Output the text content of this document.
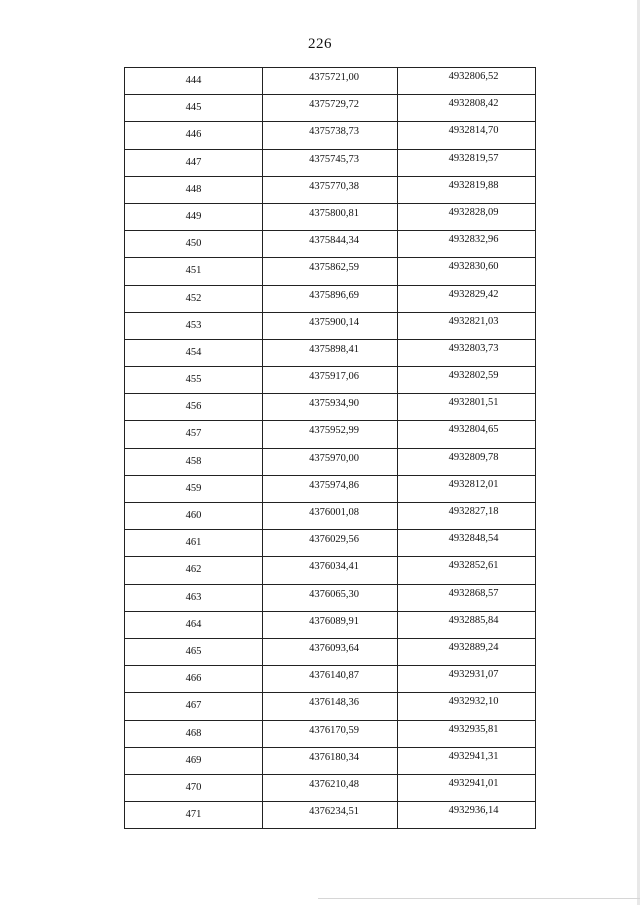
226
444	4375721,00	4932806,52
445	4375729,72	4932808,42
446	4375738,73	4932814,70
447	4375745,73	4932819,57
448	4375770,38	4932819,88
449	4375800,81	4932828,09
450	4375844,34	4932832,96
451	4375862,59	4932830,60
452	4375896,69	4932829,42
453	4375900,14	4932821,03
454	4375898,41	4932803,73
455	4375917,06	4932802,59
456	4375934,90	4932801,51
457	4375952,99	4932804,65
458	4375970,00	4932809,78
459	4375974,86	4932812,01
460	4376001,08	4932827,18
461	4376029,56	4932848,54
462	4376034,41	4932852,61
463	4376065,30	4932868,57
464	4376089,91	4932885,84
465	4376093,64	4932889,24
466	4376140,87	4932931,07
467	4376148,36	4932932,10
468	4376170,59	4932935,81
469	4376180,34	4932941,31
470	4376210,48	4932941,01
471	4376234,51	4932936,14
